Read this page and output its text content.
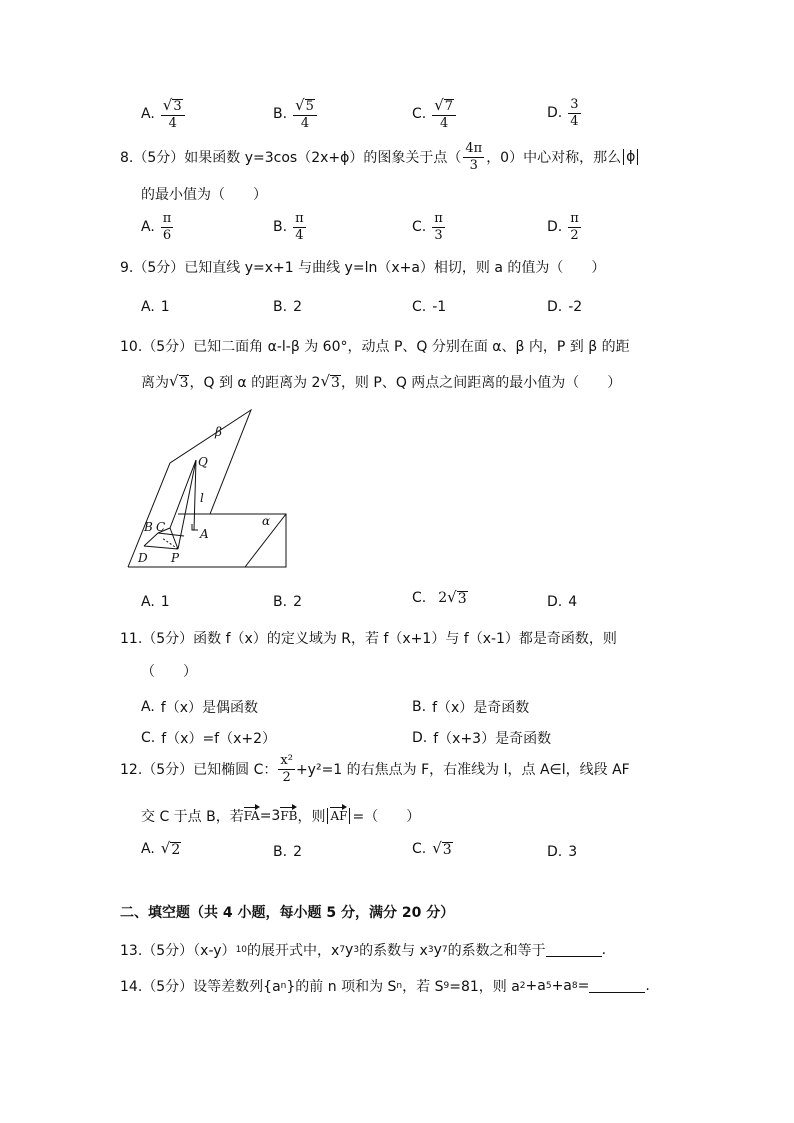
A. $\frac{√ 3}{4}$	B. $\frac{√ 5}{4}$	C. $\frac{√ 7}{4}$	D. $\frac{3}{4}$
8.（5分）如果函数 y=3cos（2x+ϕ）的图象关于点（ $\frac{4\pi}{3}$ ，0）中心对称，那么 ϕ
的最小值为（　　）
A. $\frac{\pi}{6}$	B. $\frac{\pi}{4}$	C. $\frac{\pi}{3}$	D. $\frac{\pi}{2}$
9.（5分）已知直线 y=x+1 与曲线 y=ln（x+a）相切，则 a 的值为（　　）
A. 1	B. 2	C. -1	D. -2
10.（5分）已知二面角 α-l-β 为 60°，动点 P、Q 分别在面 α、β 内，P 到 β 的距
离为 √ 3 ，Q 到 α 的距离为 2 √ 3 ，则 P、Q 两点之间距离的最小值为（　　）
β
Q
l
α
B C	A
D P
A. 1	B. 2	C. 2 √ 3	D. 4
11.（5分）函数 f（x）的定义域为 R，若 f（x+1）与 f（x-1）都是奇函数，则
（　　）
A. f（x）是偶函数	B. f（x）是奇函数
C. f（x）=f（x+2）	D. f（x+3）是奇函数
12.（5分）已知椭圆 C： $\frac{\text{x²}}{2} +y^2=1$ 的右焦点为 F，右准线为 l，点 A∈l，线段 AF
交 C 于点 B，若 FA =3 FB ，则 AF =（　　）
A. √ 2	B. 2	C. √ 3	D. 3
二、填空题（共 4 小题，每小题 5 分，满分 20 分）
13.（5分）（x-y） 10 的展开式中，x 7 y 3 的系数与 x 3 y 7 的系数之和等于	.
14.（5分）设等差数列{a n }的前 n 项和为 S n ，若 S 9 =81，则 a 2 +a 5 +a 8 =	.
